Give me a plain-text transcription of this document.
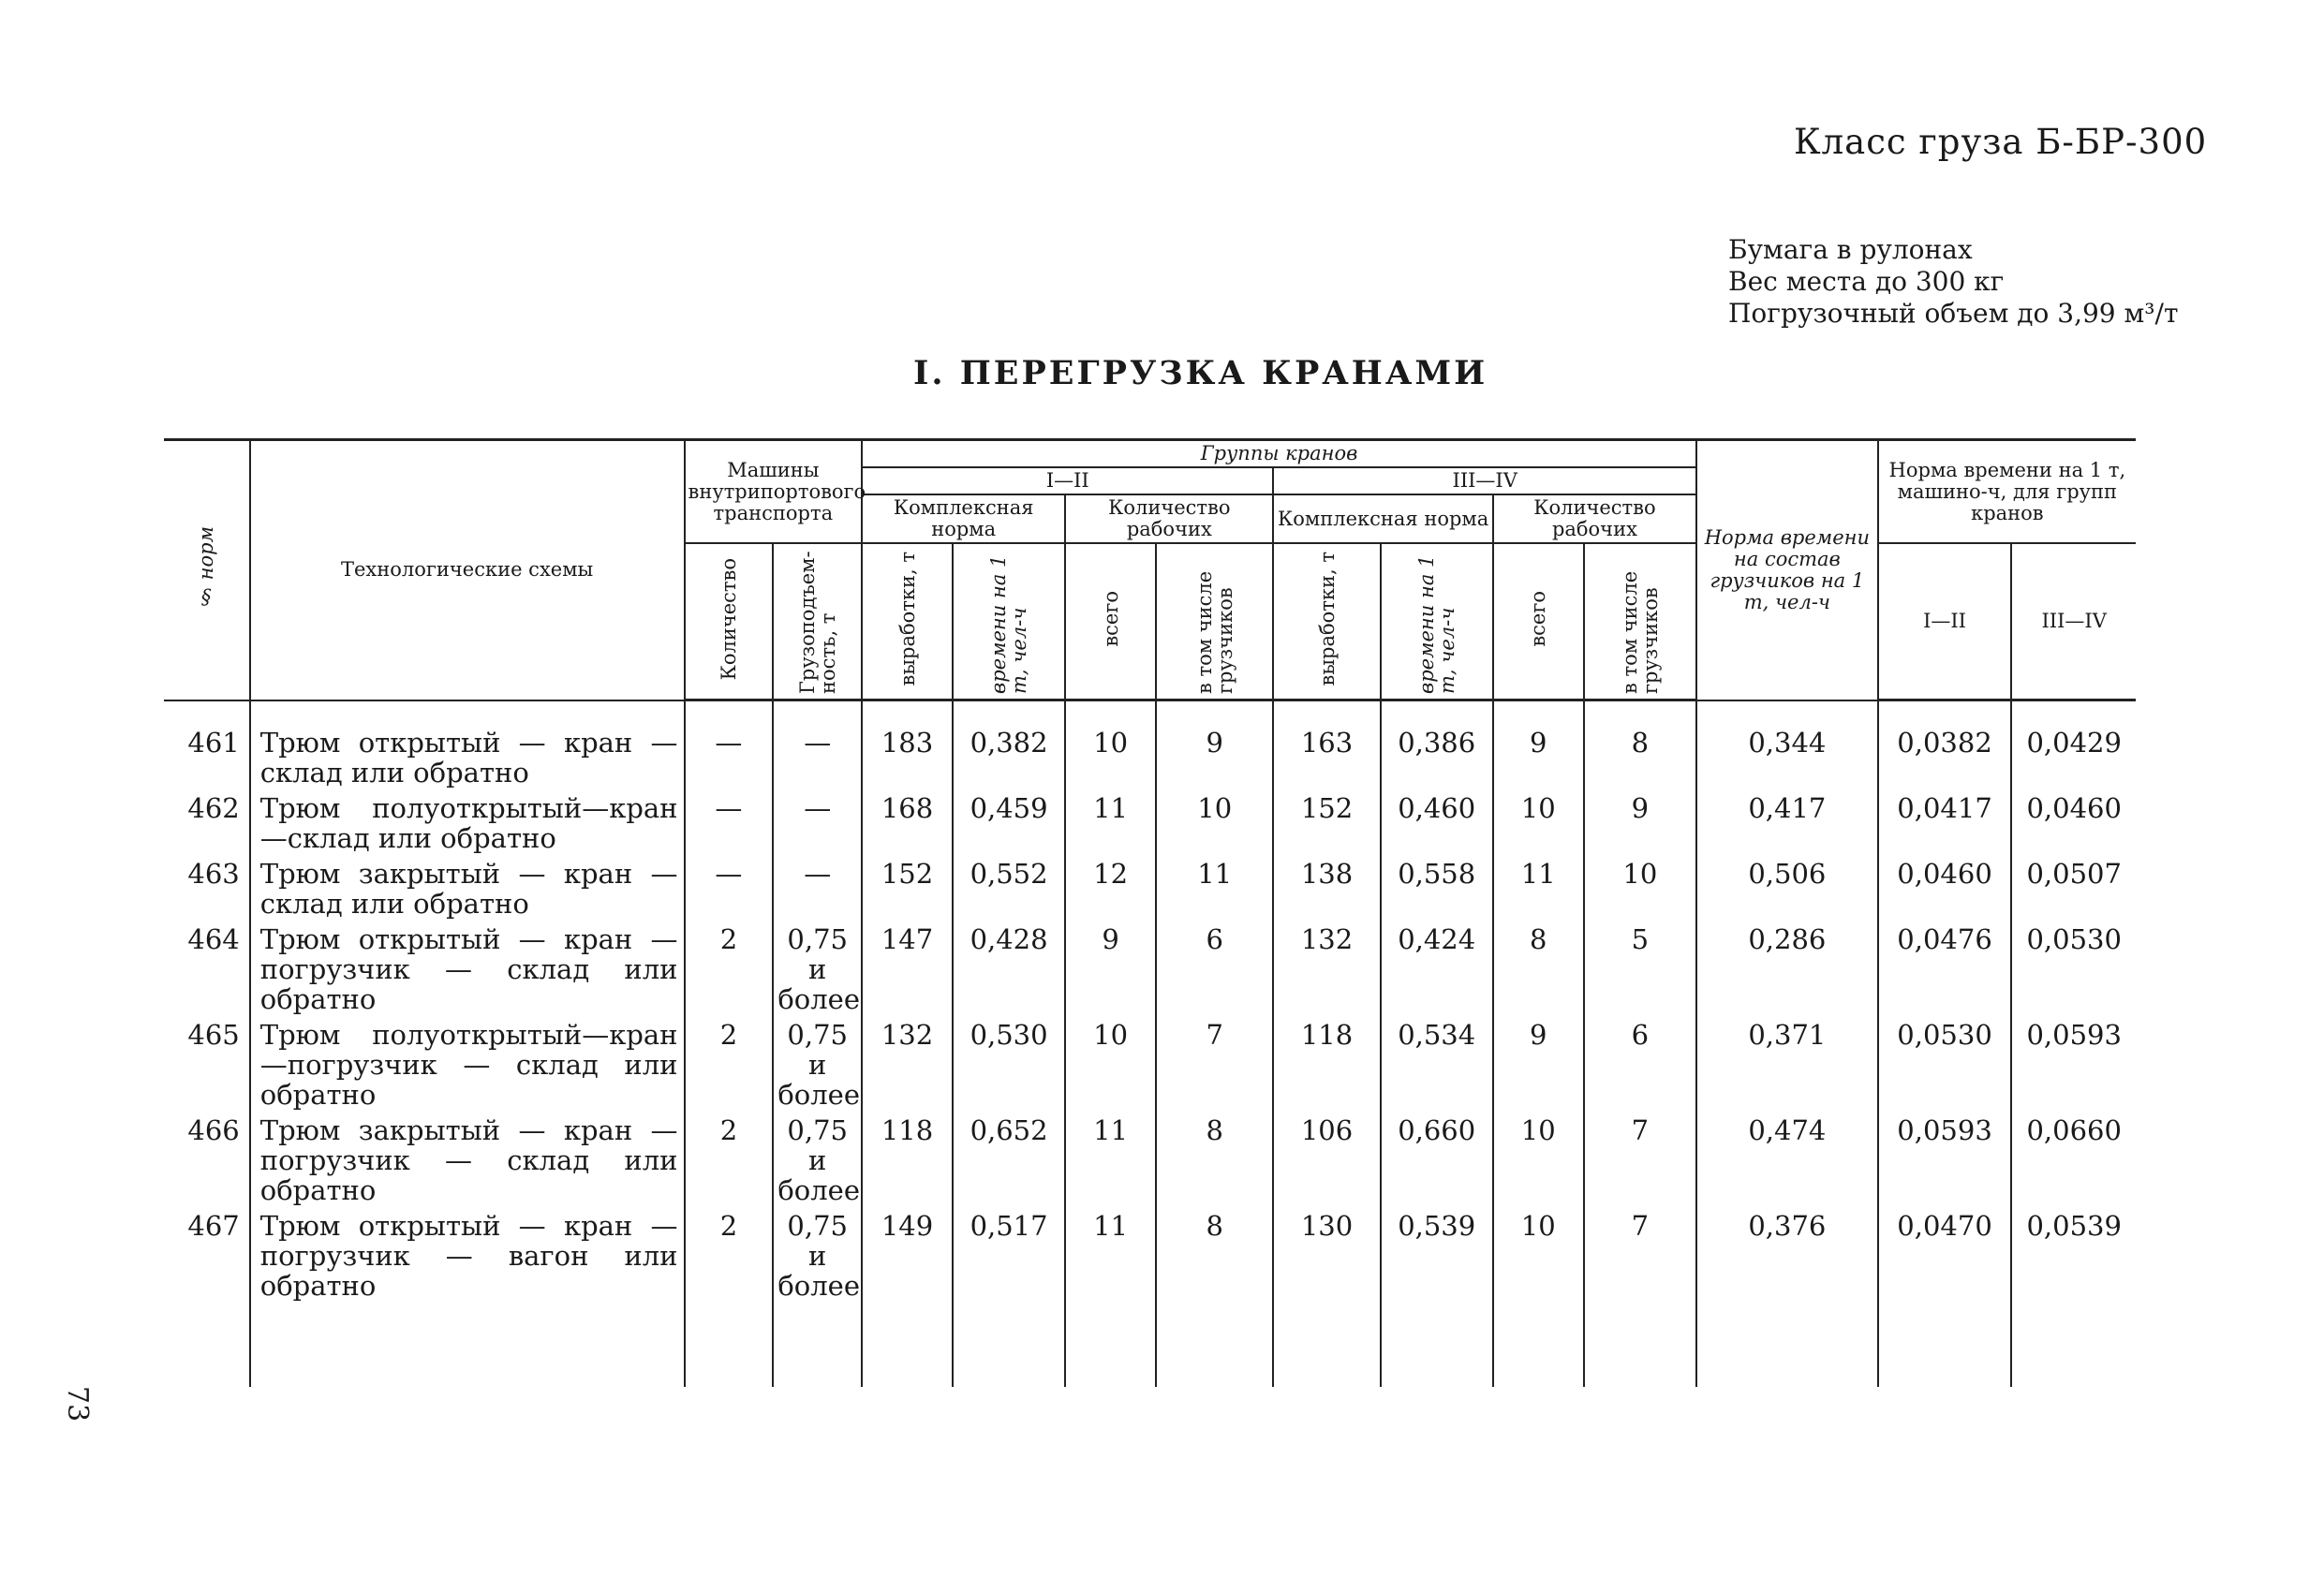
Класс груза Б-БР-300
Бумага в рулонах
Вес места до 300 кг
Погрузочный объем до 3,99 м³/т
I. ПЕРЕГРУЗКА КРАНАМИ
73
§ норм	Технологические схемы	Машины внутрипортового транспорта		Группы кранов								Норма времени на состав грузчиков на 1 т, чел-ч	Норма времени на 1 т, машино-ч, для групп кранов	
				I—II				III—IV						
				Комплексная норма		Количество рабочих		Комплексная норма		Количество рабочих				
		Количество	Грузоподъем-ность, т	выработки, т	времени на 1 т, чел-ч	всего	в том числе грузчиков	выработки, т	времени на 1 т, чел-ч	всего	в том числе грузчиков		I—II	III—IV
461	Трюм открытый — кран — склад или обратно	—	—	183	0,382	10	9	163	0,386	9	8	0,344	0,0382	0,0429
462	Трюм полуоткрытый—кран—склад или обратно	—	—	168	0,459	11	10	152	0,460	10	9	0,417	0,0417	0,0460
463	Трюм закрытый — кран — склад или обратно	—	—	152	0,552	12	11	138	0,558	11	10	0,506	0,0460	0,0507
464	Трюм открытый — кран — погрузчик — склад или обратно	2	0,75 и более	147	0,428	9	6	132	0,424	8	5	0,286	0,0476	0,0530
465	Трюм полуоткрытый—кран—погрузчик — склад или обратно	2	0,75 и более	132	0,530	10	7	118	0,534	9	6	0,371	0,0530	0,0593
466	Трюм закрытый — кран — погрузчик — склад или обратно	2	0,75 и более	118	0,652	11	8	106	0,660	10	7	0,474	0,0593	0,0660
467	Трюм открытый — кран — погрузчик — вагон или обратно	2	0,75 и более	149	0,517	11	8	130	0,539	10	7	0,376	0,0470	0,0539
